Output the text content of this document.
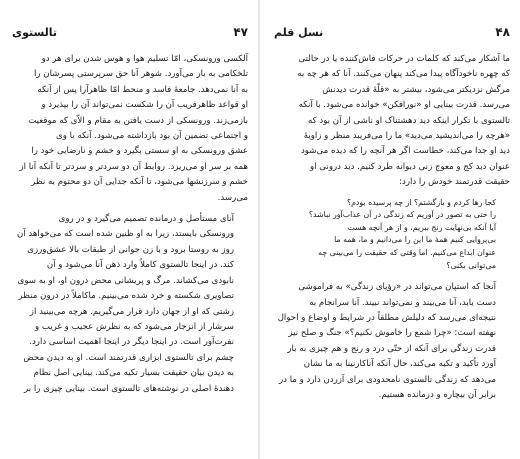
۴۷
تالستوی

آلکسی ورونسکی، امّا تسلیم هوا و هوس شدن برای هر دو
تلخکامی به بار می‌آورد. شوهر آنا حق سرپرستی پسرشان را
به آنا نمی‌دهد. جامعهٔ فاسد و منحط امّا ظاهرآرا پس از آنکه
او قواعد ظاهرفریب آن را شکست نمی‌تواند آن را بپذیرد و
بازمی‌زند. ورونسکی از دست یافتن به مقام و الاّی که موقعیت
و اجتماعی تضمین آن بود بازداشته می‌شود. آنکه با وی
عشق ورونسکی به او سستی بگیرد و خشم و نارضایی خود را
همه بر سر او می‌ریزد. روابط آن دو سردتر و سردتر تا آنکه آنا از
خشم و سرزنشها می‌شود، تا آنکه جدایی آن دو محتوم به نظر
می‌رسد.

آنای مستأصل و درمانده تصمیم می‌گیرد و در روی
ورونسکی بایستد، زیرا به او ظنین شده است که می‌خواهد آن
روز به روستا برود و با زن جوانی از طبقات بالا عشق‌ورزی
کند. در اینجا تالستوی کاملاً وارد ذهن آنا می‌شود و آن
نابودی می‌کشاند. مرگ و پریشانی محض درون او، او به سوی
تصاویری شکسته و خرد شده می‌بینیم. ماکاملاً در درون منظر
زشتی که او از جهان دارد قرار می‌گیریم. هرچه می‌بینید از
سرشار از انزجار می‌شود که به نظرش عجیب و غریب و
نفرت‌آور است. در اینجا دیگر در اینجا اهمیت اساسی دارد.
چشم برای تالستوی ابزاری قدرتمند است. او به دیدن محض
به دیدن بیان حقیقت بسیار تکیه می‌کند. بینایی اصل نظام
دهندهٔ اصلی در نوشته‌های تالستوی است. بینایی چیزی را بر

۴۸
نسل قلم

ما آشکار می‌کند که کلمات در حرکات فاش‌کننده یا در حالتی
که چهره ناخودآگاه پیدا می‌کند پنهان می‌کنند. آنا که هر چه به
مرگش نزدیکتر می‌شود، بیشتر به «قلّهٔ قدرت دیدنش
می‌رسد. قدرت بینایی او «نورافکن» خوانده می‌شود. با آنکه
تالستوی با تکرار اینکه دید دهشتناک او ناشی از آن بود که
«هرچه را می‌اندیشید می‌دید» ما را می‌فریبد منظر و زاویهٔ
دید او جدا می‌کند، خطاست اگر هر آنچه را که دیده می‌شود
عنوان دید کج و معوج زنی دیوانه طرد کنیم. دید درونی او
حقیقت قدرتمند خودش را دارد:

کجا رها کردم و بازگشتم؟ از چه پرسیده بودم؟
را حتی به تصور در آوریم که زندگی در آن عذاب‌آور نباشد؟
آیا آنکه بی‌نهایت رنج ببریم، و از هر آنچه هست
بی‌پروایی کنیم همهٔ ما این را می‌دانیم و ما، همه ما
عنوان ابداع می‌کنیم. اما وقتی که حقیقت را می‌بینی چه
می‌توانی بکنی؟

آنجا که استپان می‌تواند در «رؤیای زندگی» به فراموشی
دست یابد، آنا می‌بیند و نمی‌تواند نبیند. آنا سرانجام به
نتیجه‌ای می‌رسد که دلیلش مطلقاً در شرایط و اوضاع و احوال
نهفته است: «چرا شمع را خاموش نکنیم؟» جنگ و صلح نیز
قدرت زندگی برای آنکه از حتّی درد و رنج و هم چیزی به بار
آورد تأکید و تکیه می‌کند، حال آنکه آناکارنینا به ما نشان
می‌دهد که زندگی تالستوی نامحدودی برای آزردن دارد و ما در
برابر آن بیچاره و درمانده هستیم.
